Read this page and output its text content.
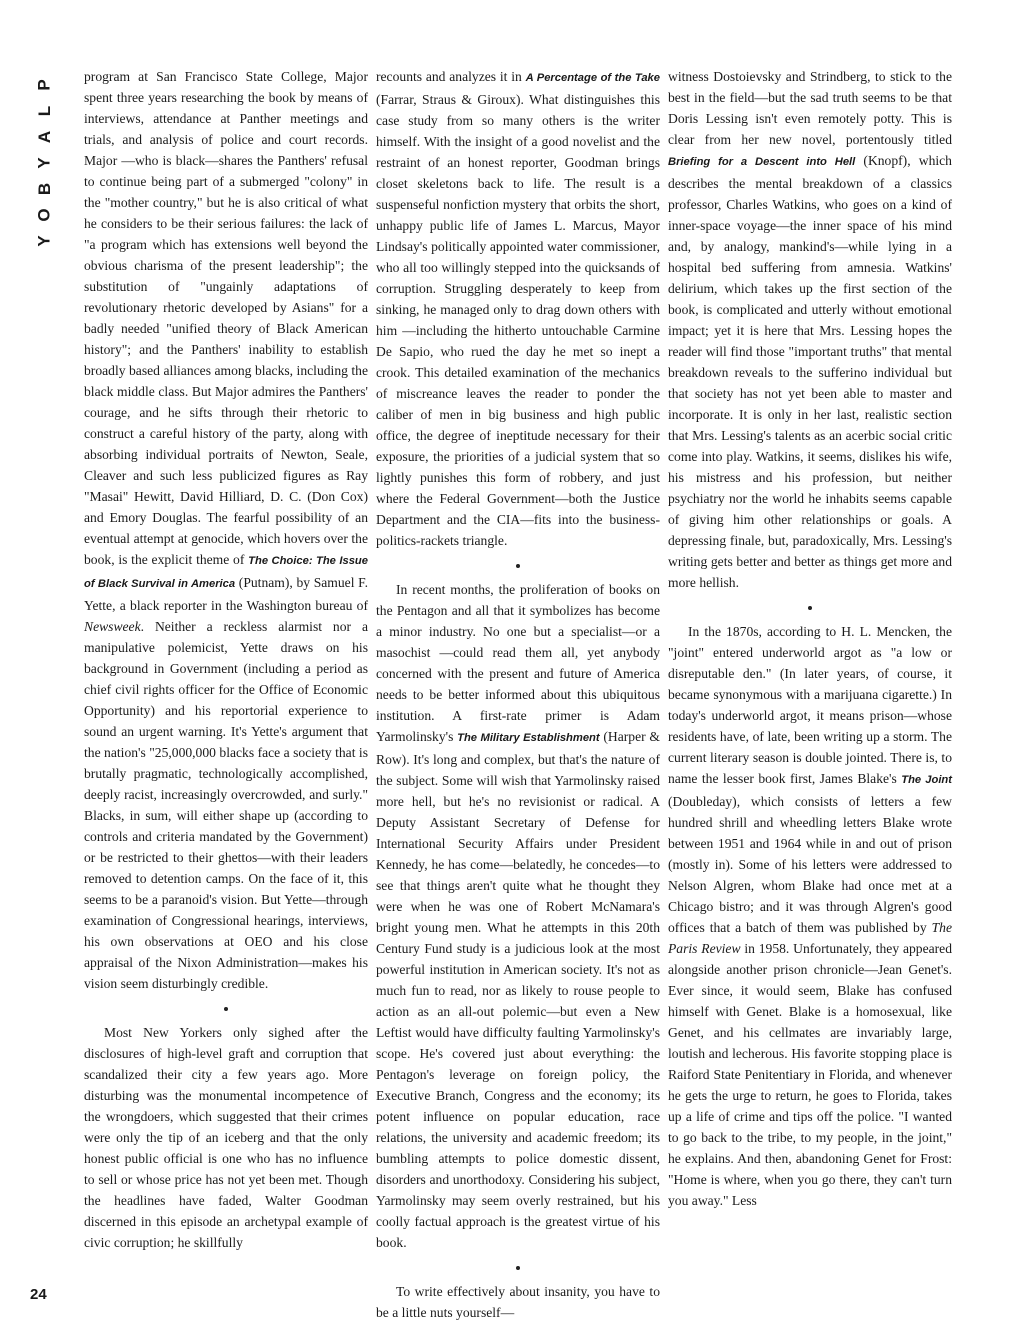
P
L
A
Y
B
O
Y
24

program at San Francisco State College, Major spent three years researching the book by means of interviews, attendance at Panther meetings and trials, and analysis of police and court records. Major —who is black—shares the Panthers' refusal to continue being part of a submerged "colony" in the "mother country," but he is also critical of what he considers to be their serious failures: the lack of "a program which has extensions well beyond the obvious charisma of the present leadership"; the substitution of "ungainly adaptations of revolutionary rhetoric developed by Asians" for a badly needed "unified theory of Black American history"; and the Panthers' inability to establish broadly based alliances among blacks, including the black middle class. But Major admires the Panthers' courage, and he sifts through their rhetoric to construct a careful history of the party, along with absorbing individual portraits of Newton, Seale, Cleaver and such less publicized figures as Ray "Masai" Hewitt, David Hilliard, D. C. (Don Cox) and Emory Douglas. The fearful possibility of an eventual attempt at genocide, which hovers over the book, is the explicit theme of The Choice: The Issue of Black Survival in America (Putnam), by Samuel F. Yette, a black reporter in the Washington bureau of Newsweek. Neither a reckless alarmist nor a manipulative polemicist, Yette draws on his background in Government (including a period as chief civil rights officer for the Office of Economic Opportunity) and his reportorial experience to sound an urgent warning. It's Yette's argument that the nation's "25,000,000 blacks face a society that is brutally pragmatic, technologically accomplished, deeply racist, increasingly overcrowded, and surly." Blacks, in sum, will either shape up (according to controls and criteria mandated by the Government) or be restricted to their ghettos—with their leaders removed to detention camps. On the face of it, this seems to be a paranoid's vision. But Yette—through examination of Congressional hearings, interviews, his own observations at OEO and his close appraisal of the Nixon Administration—makes his vision seem disturbingly credible.

Most New Yorkers only sighed after the disclosures of high-level graft and corruption that scandalized their city a few years ago. More disturbing was the monumental incompetence of the wrongdoers, which suggested that their crimes were only the tip of an iceberg and that the only honest public official is one who has no influence to sell or whose price has not yet been met. Though the headlines have faded, Walter Goodman discerned in this episode an archetypal example of civic corruption; he skillfully

recounts and analyzes it in A Percentage of the Take (Farrar, Straus & Giroux). What distinguishes this case study from so many others is the writer himself. With the insight of a good novelist and the restraint of an honest reporter, Goodman brings closet skeletons back to life. The result is a suspenseful nonfiction mystery that orbits the short, unhappy public life of James L. Marcus, Mayor Lindsay's politically appointed water commissioner, who all too willingly stepped into the quicksands of corruption. Struggling desperately to keep from sinking, he managed only to drag down others with him —including the hitherto untouchable Carmine De Sapio, who rued the day he met so inept a crook. This detailed examination of the mechanics of miscreance leaves the reader to ponder the caliber of men in big business and high public office, the degree of ineptitude necessary for their exposure, the priorities of a judicial system that so lightly punishes this form of robbery, and just where the Federal Government—both the Justice Department and the CIA—fits into the business-politics-rackets triangle.

In recent months, the proliferation of books on the Pentagon and all that it symbolizes has become a minor industry. No one but a specialist—or a masochist —could read them all, yet anybody concerned with the present and future of America needs to be better informed about this ubiquitous institution. A first-rate primer is Adam Yarmolinsky's The Military Establishment (Harper & Row). It's long and complex, but that's the nature of the subject. Some will wish that Yarmolinsky raised more hell, but he's no revisionist or radical. A Deputy Assistant Secretary of Defense for International Security Affairs under President Kennedy, he has come—belatedly, he concedes—to see that things aren't quite what he thought they were when he was one of Robert McNamara's bright young men. What he attempts in this 20th Century Fund study is a judicious look at the most powerful institution in American society. It's not as much fun to read, nor as likely to rouse people to action as an all-out polemic—but even a New Leftist would have difficulty faulting Yarmolinsky's scope. He's covered just about everything: the Pentagon's leverage on foreign policy, the Executive Branch, Congress and the economy; its potent influence on popular education, race relations, the university and academic freedom; its bumbling attempts to police domestic dissent, disorders and unorthodoxy. Considering his subject, Yarmolinsky may seem overly restrained, but his coolly factual approach is the greatest virtue of his book.

To write effectively about insanity, you have to be a little nuts yourself—

witness Dostoievsky and Strindberg, to stick to the best in the field—but the sad truth seems to be that Doris Lessing isn't even remotely potty. This is clear from her new novel, portentously titled Briefing for a Descent into Hell (Knopf), which describes the mental breakdown of a classics professor, Charles Watkins, who goes on a kind of inner-space voyage—the inner space of his mind and, by analogy, mankind's—while lying in a hospital bed suffering from amnesia. Watkins' delirium, which takes up the first section of the book, is complicated and utterly without emotional impact; yet it is here that Mrs. Lessing hopes the reader will find those "important truths" that mental breakdown reveals to the sufferino individual but that society has not yet been able to master and incorporate. It is only in her last, realistic section that Mrs. Lessing's talents as an acerbic social critic come into play. Watkins, it seems, dislikes his wife, his mistress and his profession, but neither psychiatry nor the world he inhabits seems capable of giving him other relationships or goals. A depressing finale, but, paradoxically, Mrs. Lessing's writing gets better and better as things get more and more hellish.

In the 1870s, according to H. L. Mencken, the "joint" entered underworld argot as "a low or disreputable den." (In later years, of course, it became synonymous with a marijuana cigarette.) In today's underworld argot, it means prison—whose residents have, of late, been writing up a storm. The current literary season is double jointed. There is, to name the lesser book first, James Blake's The Joint (Doubleday), which consists of letters a few hundred shrill and wheedling letters Blake wrote between 1951 and 1964 while in and out of prison (mostly in). Some of his letters were addressed to Nelson Algren, whom Blake had once met at a Chicago bistro; and it was through Algren's good offices that a batch of them was published by The Paris Review in 1958. Unfortunately, they appeared alongside another prison chronicle—Jean Genet's. Ever since, it would seem, Blake has confused himself with Genet. Blake is a homosexual, like Genet, and his cellmates are invariably large, loutish and lecherous. His favorite stopping place is Raiford State Penitentiary in Florida, and whenever he gets the urge to return, he goes to Florida, takes up a life of crime and tips off the police. "I wanted to go back to the tribe, to my people, in the joint," he explains. And then, abandoning Genet for Frost: "Home is where, when you go there, they can't turn you away." Less
